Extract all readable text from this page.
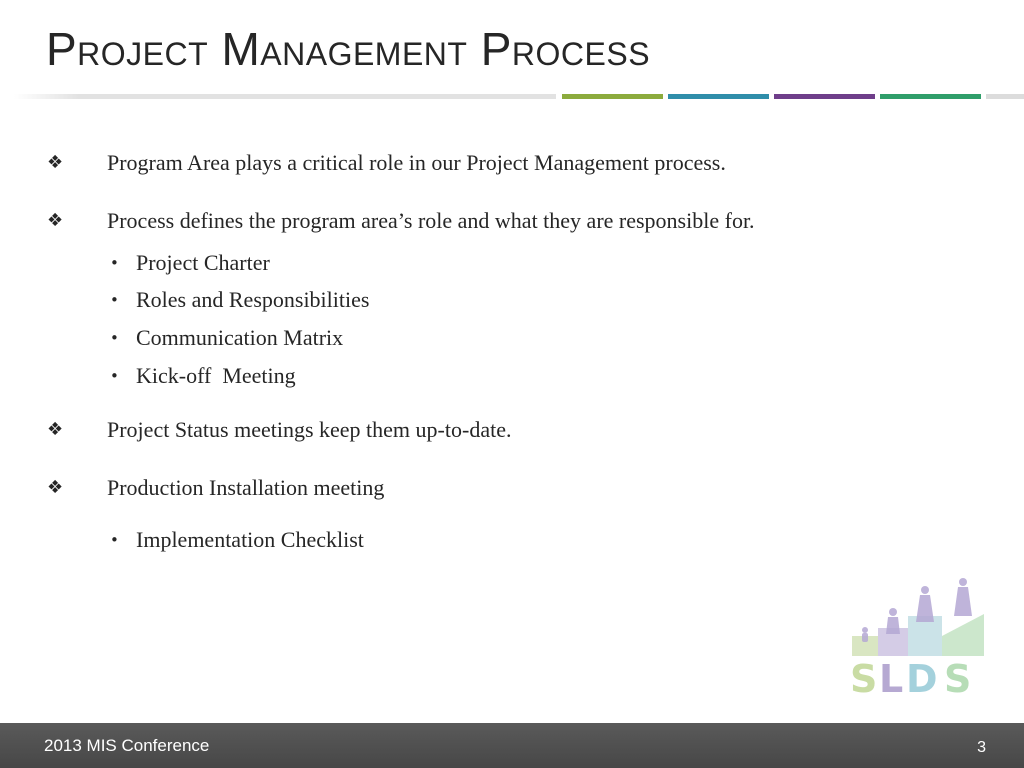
Project Management Process
❖ Program Area plays a critical role in our Project Management process.
❖ Process defines the program area’s role and what they are responsible for.
• Project Charter
• Roles and Responsibilities
• Communication Matrix
• Kick-off  Meeting
❖ Project Status meetings keep them up-to-date.
❖ Production Installation meeting
• Implementation Checklist
S L D S
2013 MIS Conference	3
